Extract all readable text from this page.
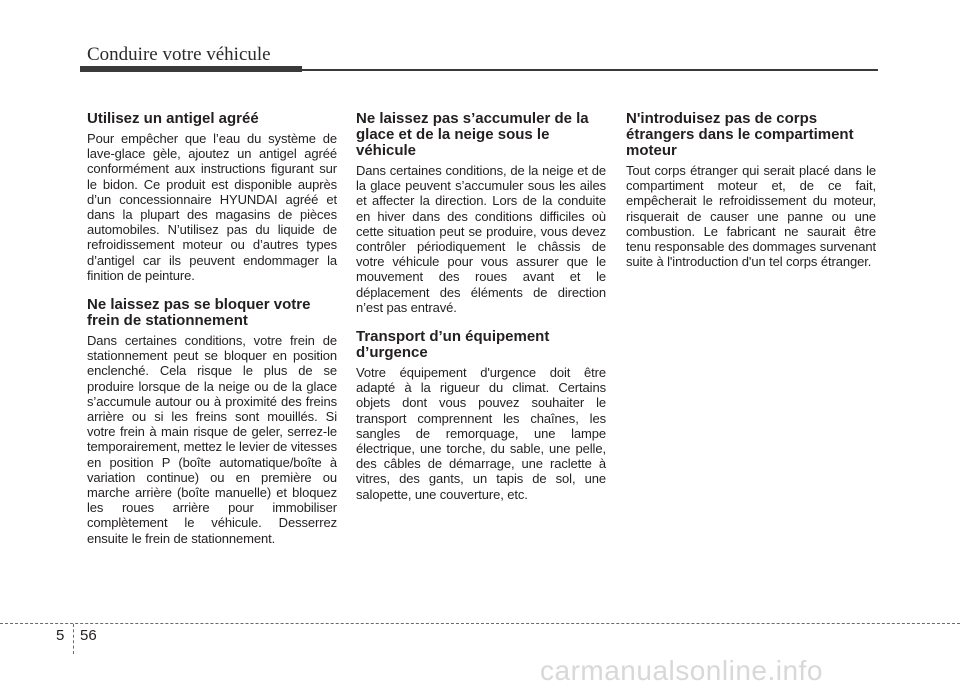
Conduire votre véhicule
Utilisez un antigel agréé

Pour empêcher que l’eau du système de lave-glace gèle, ajoutez un antigel agréé conformément aux instructions figurant sur le bidon. Ce produit est disponible auprès d’un concessionnaire HYUNDAI agréé et dans la plupart des magasins de pièces automobiles. N’utilisez pas du liquide de refroidissement moteur ou d’autres types d’antigel car ils peuvent endommager la finition de peinture.

Ne laissez pas se bloquer votre frein de stationnement

Dans certaines conditions, votre frein de stationnement peut se bloquer en position enclenché. Cela risque le plus de se produire lorsque de la neige ou de la glace s’accumule autour ou à proximité des freins arrière ou si les freins sont mouillés. Si votre frein à main risque de geler, serrez-le temporairement, mettez le levier de vitesses en position P (boîte automatique/boîte à variation continue) ou en première ou marche arrière (boîte manuelle) et bloquez les roues arrière pour immobiliser complètement le véhicule. Desserrez ensuite le frein de stationnement.

Ne laissez pas s’accumuler de la glace et de la neige sous le véhicule

Dans certaines conditions, de la neige et de la glace peuvent s’accumuler sous les ailes et affecter la direction. Lors de la conduite en hiver dans des conditions difficiles où cette situation peut se produire, vous devez contrôler périodiquement le châssis de votre véhicule pour vous assurer que le mouvement des roues avant et le déplacement des éléments de direction n’est pas entravé.

Transport d’un équipement d’urgence

Votre équipement d'urgence doit être adapté à la rigueur du climat. Certains objets dont vous pouvez souhaiter le transport comprennent les chaînes, les sangles de remorquage, une lampe électrique, une torche, du sable, une pelle, des câbles de démarrage, une raclette à vitres, des gants, un tapis de sol, une salopette, une couverture, etc.

N'introduisez pas de corps étrangers dans le compartiment moteur

Tout corps étranger qui serait placé dans le compartiment moteur et, de ce fait, empêcherait le refroidissement du moteur, risquerait de causer une panne ou une combustion. Le fabricant ne saurait être tenu responsable des dommages survenant suite à l'introduction d'un tel corps étranger.

5 56
carmanualsonline.info
